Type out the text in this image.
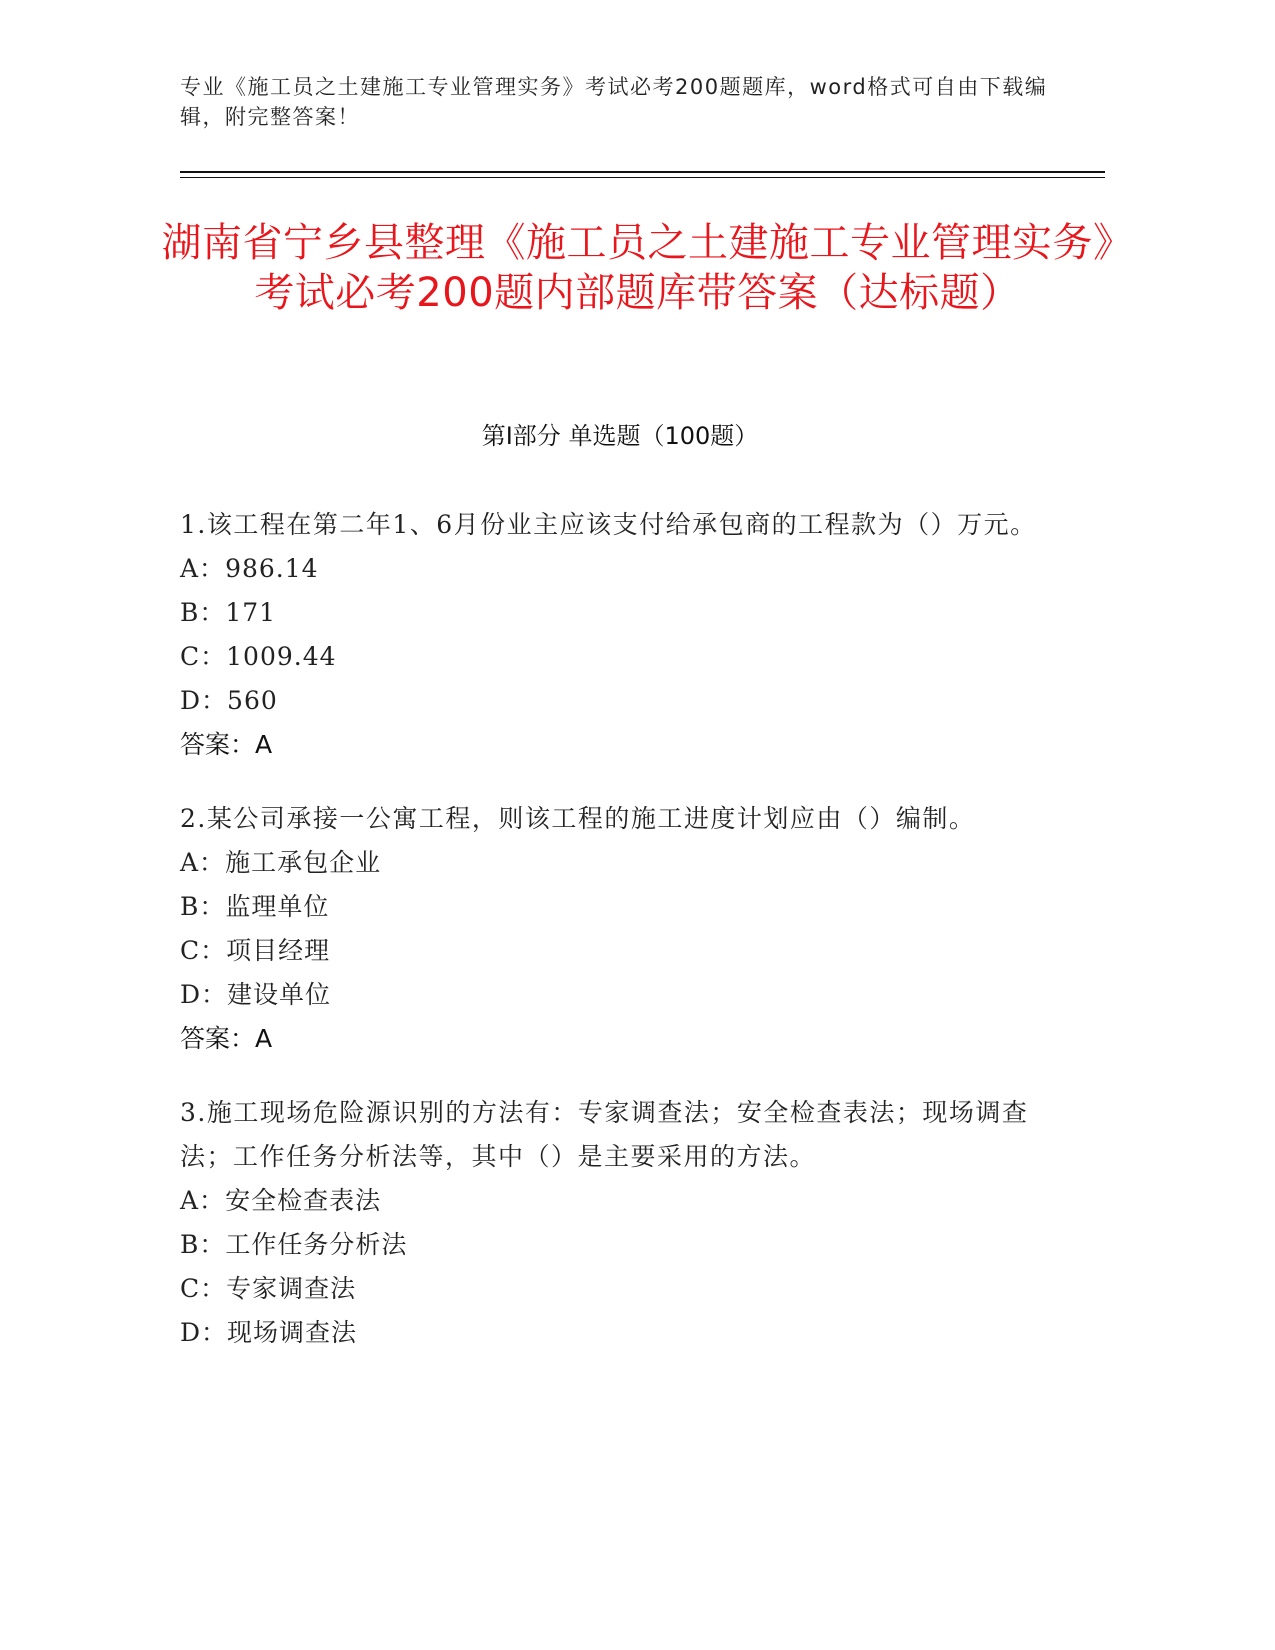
专业《施工员之土建施工专业管理实务》考试必考200题题库，word格式可自由下载编辑，附完整答案！
湖南省宁乡县整理《施工员之土建施工专业管理实务》考试必考200题内部题库带答案（达标题）
第I部分 单选题（100题）
1.该工程在第二年1、6月份业主应该支付给承包商的工程款为（）万元。
A：986.14
B：171
C：1009.44
D：560
答案：A
2.某公司承接一公寓工程，则该工程的施工进度计划应由（）编制。
A：施工承包企业
B：监理单位
C：项目经理
D：建设单位
答案：A
3.施工现场危险源识别的方法有：专家调查法；安全检查表法；现场调查法；工作任务分析法等，其中（）是主要采用的方法。
A：安全检查表法
B：工作任务分析法
C：专家调查法
D：现场调查法
